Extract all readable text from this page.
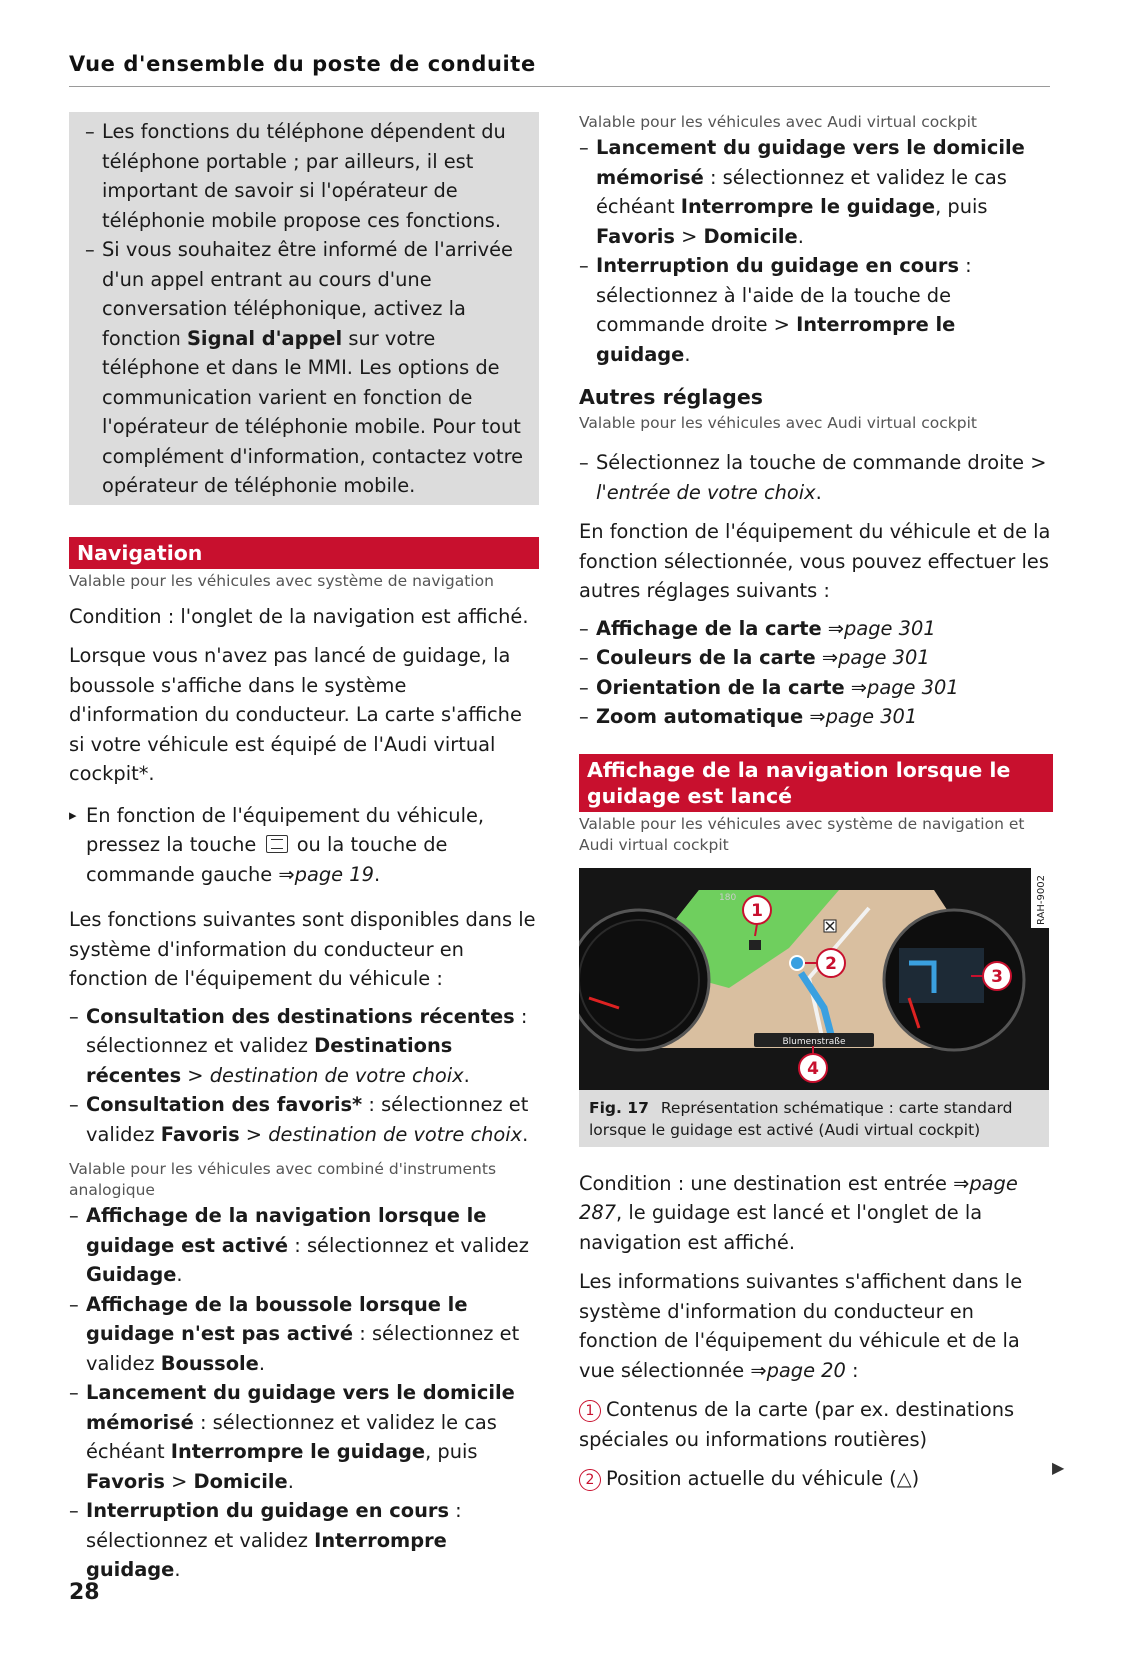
Vue d'ensemble du poste de conduite
– Les fonctions du téléphone dépendent du téléphone portable ; par ailleurs, il est important de savoir si l'opérateur de téléphonie mobile propose ces fonctions.
– Si vous souhaitez être informé de l'arrivée d'un appel entrant au cours d'une conversation téléphonique, activez la fonction Signal d'appel sur votre téléphone et dans le MMI. Les options de communication varient en fonction de l'opérateur de téléphonie mobile. Pour tout complément d'information, contactez votre opérateur de téléphonie mobile.
Navigation
Valable pour les véhicules avec système de navigation

Condition : l'onglet de la navigation est affiché.

Lorsque vous n'avez pas lancé de guidage, la boussole s'affiche dans le système d'information du conducteur. La carte s'affiche si votre véhicule est équipé de l'Audi virtual cockpit*.

▸ En fonction de l'équipement du véhicule, pressez la touche ou la touche de commande gauche ⇒page 19.

Les fonctions suivantes sont disponibles dans le système d'information du conducteur en fonction de l'équipement du véhicule :

– Consultation des destinations récentes : sélectionnez et validez Destinations récentes > destination de votre choix.
– Consultation des favoris* : sélectionnez et validez Favoris > destination de votre choix.
Valable pour les véhicules avec combiné d'instruments analogique
– Affichage de la navigation lorsque le guidage est activé : sélectionnez et validez Guidage.
– Affichage de la boussole lorsque le guidage n'est pas activé : sélectionnez et validez Boussole.
– Lancement du guidage vers le domicile mémorisé : sélectionnez et validez le cas échéant Interrompre le guidage, puis Favoris > Domicile.
– Interruption du guidage en cours : sélectionnez et validez Interrompre guidage.
Valable pour les véhicules avec Audi virtual cockpit
– Lancement du guidage vers le domicile mémorisé : sélectionnez et validez le cas échéant Interrompre le guidage, puis Favoris > Domicile.
– Interruption du guidage en cours : sélectionnez à l'aide de la touche de commande droite > Interrompre le guidage.
Autres réglages
Valable pour les véhicules avec Audi virtual cockpit
– Sélectionnez la touche de commande droite > l'entrée de votre choix.

En fonction de l'équipement du véhicule et de la fonction sélectionnée, vous pouvez effectuer les autres réglages suivants :

– Affichage de la carte ⇒page 301
– Couleurs de la carte ⇒page 301
– Orientation de la carte ⇒page 301
– Zoom automatique ⇒page 301
Affichage de la navigation lorsque le guidage est lancé
Valable pour les véhicules avec système de navigation et Audi virtual cockpit
Blumenstraße
180
1
2
3
4
RAH-9002
Fig. 17 Représentation schématique : carte standard lorsque le guidage est activé (Audi virtual cockpit)

Condition : une destination est entrée ⇒page 287, le guidage est lancé et l'onglet de la navigation est affiché.

Les informations suivantes s'affichent dans le système d'information du conducteur en fonction de l'équipement du véhicule et de la vue sélectionnée ⇒page 20 :

1 Contenus de la carte (par ex. destinations spéciales ou informations routières)

2 Position actuelle du véhicule (△)	▶
28
